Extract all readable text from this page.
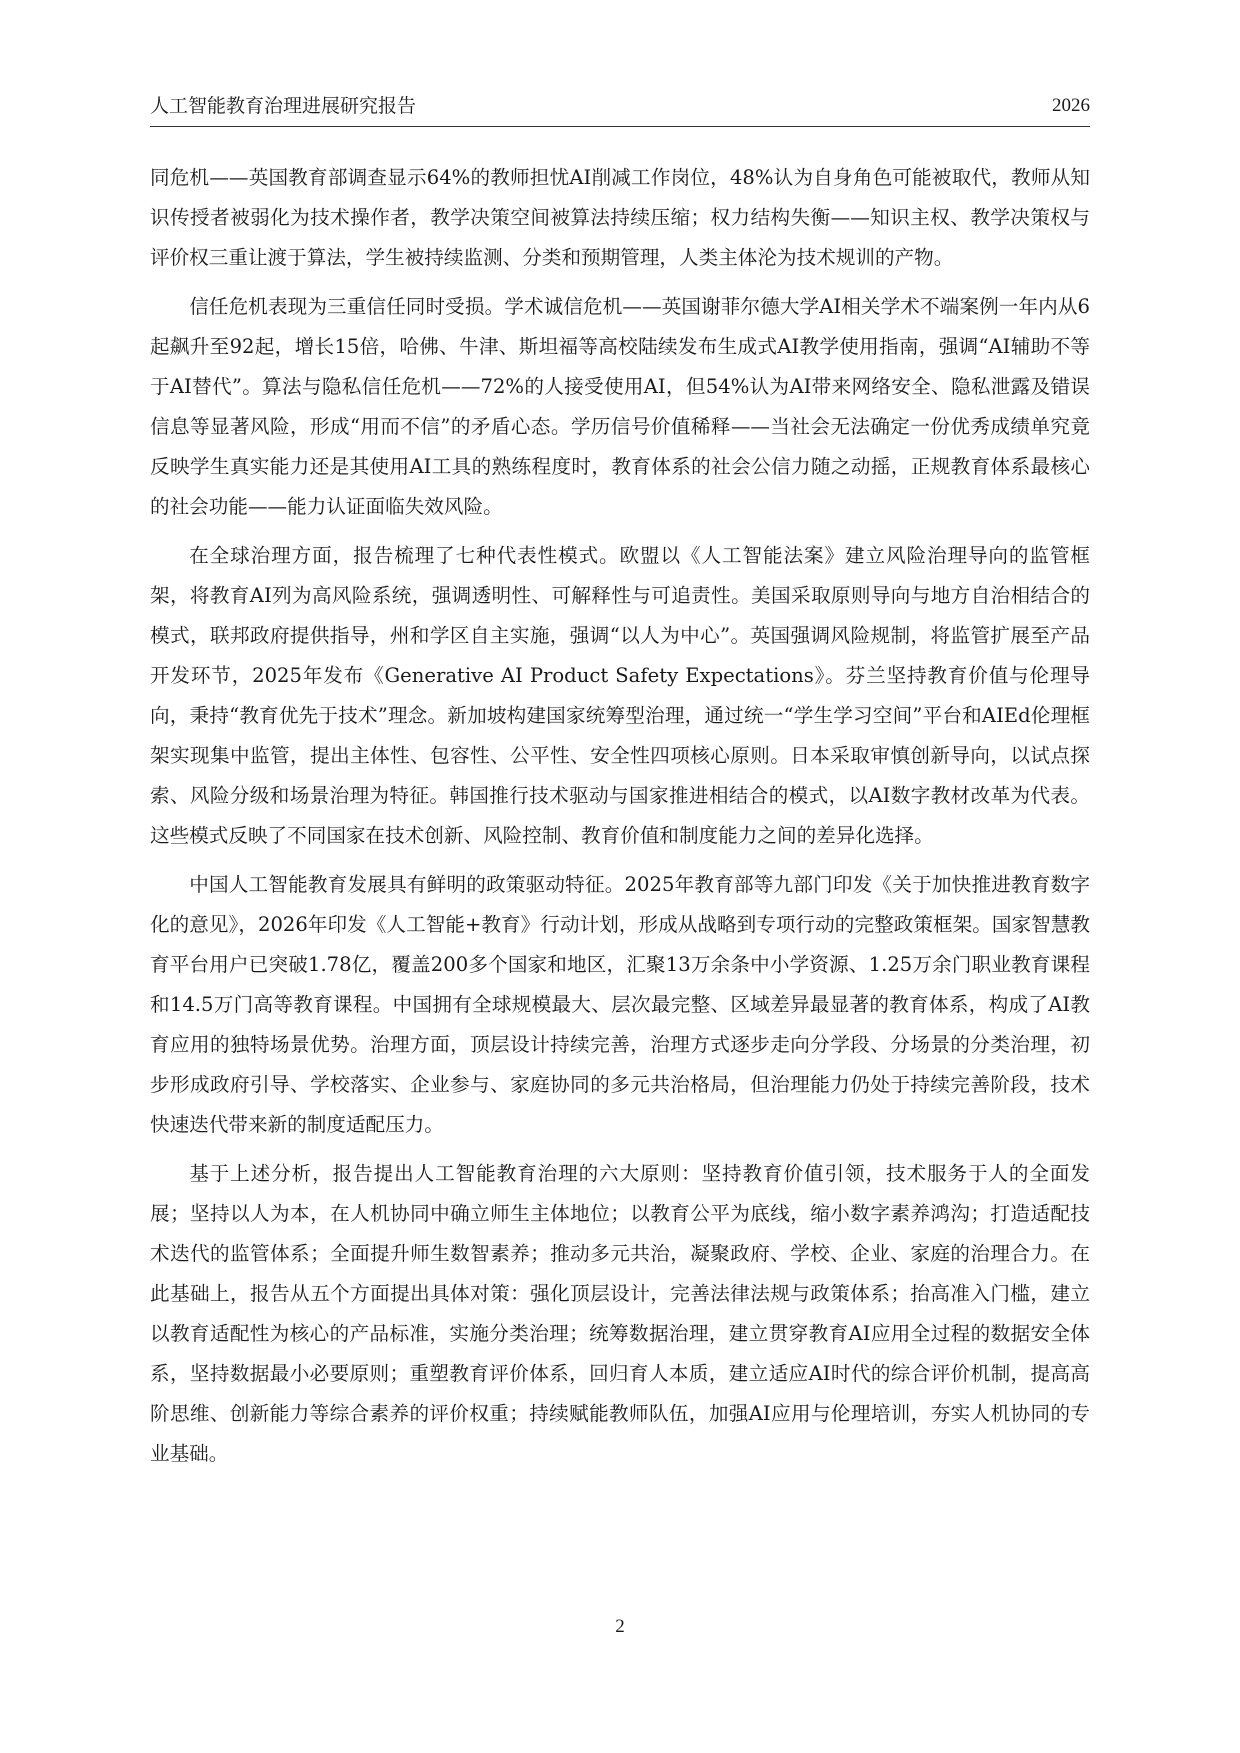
人工智能教育治理进展研究报告	2026

同危机——英国教育部调查显示64%的教师担忧AI削减工作岗位，48%认为自身角色可能被取代，教师从知识传授者被弱化为技术操作者，教学决策空间被算法持续压缩；权力结构失衡——知识主权、教学决策权与评价权三重让渡于算法，学生被持续监测、分类和预期管理，人类主体沦为技术规训的产物。

信任危机表现为三重信任同时受损。学术诚信危机——英国谢菲尔德大学AI相关学术不端案例一年内从6起飙升至92起，增长15倍，哈佛、牛津、斯坦福等高校陆续发布生成式AI教学使用指南，强调“AI辅助不等于AI替代”。算法与隐私信任危机——72%的人接受使用AI，但54%认为AI带来网络安全、隐私泄露及错误信息等显著风险，形成“用而不信”的矛盾心态。学历信号价值稀释——当社会无法确定一份优秀成绩单究竟反映学生真实能力还是其使用AI工具的熟练程度时，教育体系的社会公信力随之动摇，正规教育体系最核心的社会功能——能力认证面临失效风险。

在全球治理方面，报告梳理了七种代表性模式。欧盟以《人工智能法案》建立风险治理导向的监管框架，将教育AI列为高风险系统，强调透明性、可解释性与可追责性。美国采取原则导向与地方自治相结合的模式，联邦政府提供指导，州和学区自主实施，强调“以人为中心”。英国强调风险规制，将监管扩展至产品开发环节，2025年发布《Generative AI Product Safety Expectations》。芬兰坚持教育价值与伦理导向，秉持“教育优先于技术”理念。新加坡构建国家统筹型治理，通过统一“学生学习空间”平台和AIEd伦理框架实现集中监管，提出主体性、包容性、公平性、安全性四项核心原则。日本采取审慎创新导向，以试点探索、风险分级和场景治理为特征。韩国推行技术驱动与国家推进相结合的模式，以AI数字教材改革为代表。这些模式反映了不同国家在技术创新、风险控制、教育价值和制度能力之间的差异化选择。

中国人工智能教育发展具有鲜明的政策驱动特征。2025年教育部等九部门印发《关于加快推进教育数字化的意见》，2026年印发《人工智能+教育》行动计划，形成从战略到专项行动的完整政策框架。国家智慧教育平台用户已突破1.78亿，覆盖200多个国家和地区，汇聚13万余条中小学资源、1.25万余门职业教育课程和14.5万门高等教育课程。中国拥有全球规模最大、层次最完整、区域差异最显著的教育体系，构成了AI教育应用的独特场景优势。治理方面，顶层设计持续完善，治理方式逐步走向分学段、分场景的分类治理，初步形成政府引导、学校落实、企业参与、家庭协同的多元共治格局，但治理能力仍处于持续完善阶段，技术快速迭代带来新的制度适配压力。

基于上述分析，报告提出人工智能教育治理的六大原则：坚持教育价值引领，技术服务于人的全面发展；坚持以人为本，在人机协同中确立师生主体地位；以教育公平为底线，缩小数字素养鸿沟；打造适配技术迭代的监管体系；全面提升师生数智素养；推动多元共治，凝聚政府、学校、企业、家庭的治理合力。在此基础上，报告从五个方面提出具体对策：强化顶层设计，完善法律法规与政策体系；抬高准入门槛，建立以教育适配性为核心的产品标准，实施分类治理；统筹数据治理，建立贯穿教育AI应用全过程的数据安全体系，坚持数据最小必要原则；重塑教育评价体系，回归育人本质，建立适应AI时代的综合评价机制，提高高阶思维、创新能力等综合素养的评价权重；持续赋能教师队伍，加强AI应用与伦理培训，夯实人机协同的专业基础。

2
